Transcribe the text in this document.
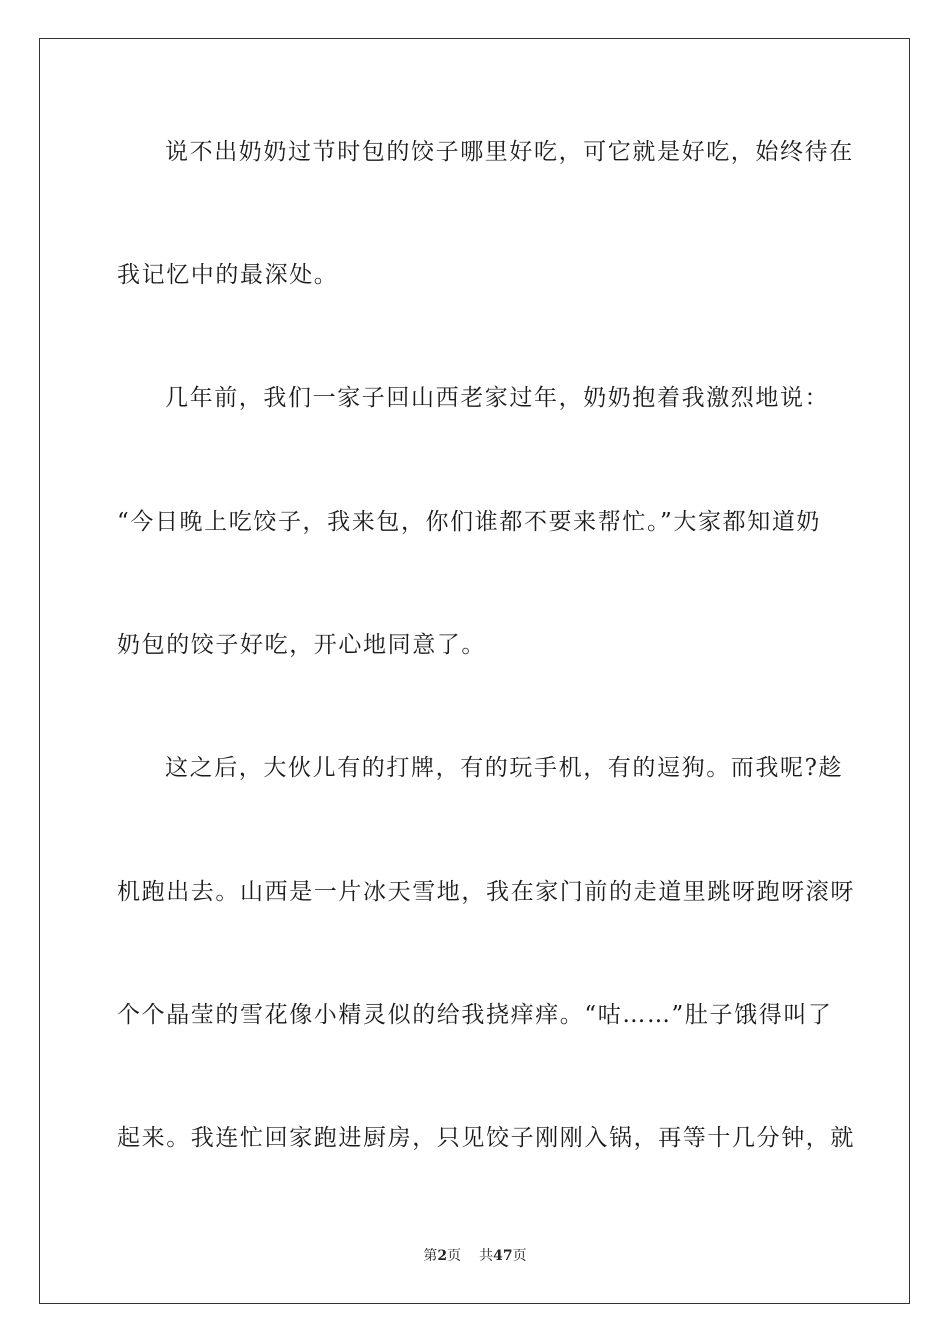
说不出奶奶过节时包的饺子哪里好吃，可它就是好吃，始终待在
我记忆中的最深处。
几年前，我们一家子回山西老家过年，奶奶抱着我激烈地说：
“今日晚上吃饺子，我来包，你们谁都不要来帮忙。”大家都知道奶
奶包的饺子好吃，开心地同意了。
这之后，大伙儿有的打牌，有的玩手机，有的逗狗。而我呢?趁
机跑出去。山西是一片冰天雪地，我在家门前的走道里跳呀跑呀滚呀
个个晶莹的雪花像小精灵似的给我挠痒痒。“咕……”肚子饿得叫了
起来。我连忙回家跑进厨房，只见饺子刚刚入锅，再等十几分钟，就
第2页 共47页
